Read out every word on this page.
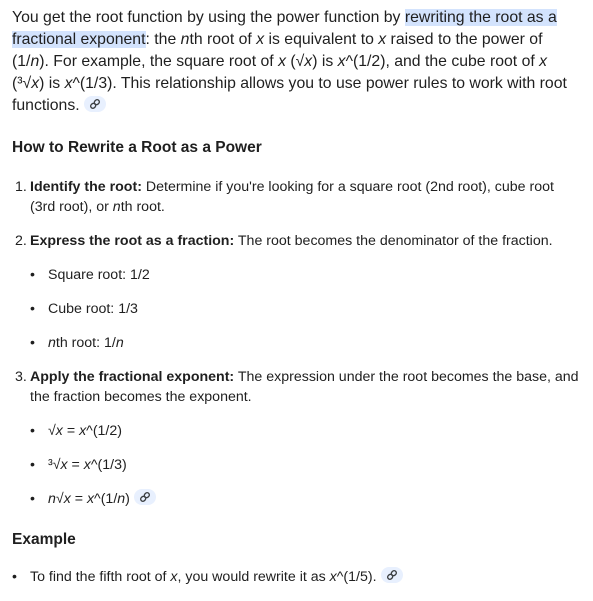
You get the root function by using the power function by rewriting the root as a fractional exponent: the nth root of x is equivalent to x raised to the power of (1/n). For example, the square root of x (√x) is x^(1/2), and the cube root of x (³√x) is x^(1/3). This relationship allows you to use power rules to work with root functions.

How to Rewrite a Root as a Power
1. Identify the root: Determine if you're looking for a square root (2nd root), cube root (3rd root), or nth root.
2. Express the root as a fraction: The root becomes the denominator of the fraction.
• Square root: 1/2
• Cube root: 1/3
• nth root: 1/n
3. Apply the fractional exponent: The expression under the root becomes the base, and the fraction becomes the exponent.
• √x = x^(1/2)
• ³√x = x^(1/3)
• n√x = x^(1/n)
Example
• To find the fifth root of x, you would rewrite it as x^(1/5).
